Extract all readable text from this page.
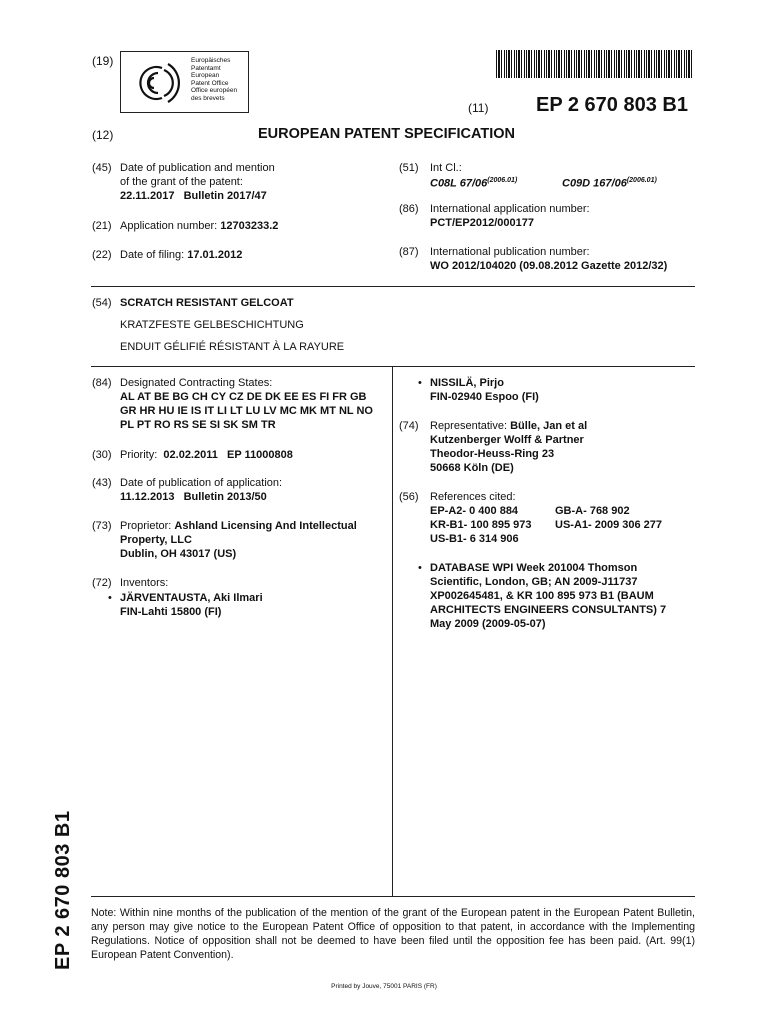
(19)	Europäisches
Patentamt
European
Patent Office
Office européen
des brevets
(11) EP 2 670 803 B1
(12)	EUROPEAN PATENT SPECIFICATION
(45) Date of publication and mention
of the grant of the patent:
22.11.2017   Bulletin 2017/47
(21) Application number: 12703233.2
(22) Date of filing: 17.01.2012
(51)	Int Cl.:
C08L $67/06^{(2006.01)}$	C09D $167/06^{(2006.01)}$
(86)	International application number:
PCT/EP2012/000177
(87)	International publication number:
WO 2012/104020 (09.08.2012 Gazette 2012/32)
(54) SCRATCH RESISTANT GELCOAT
KRATZFESTE GELBESCHICHTUNG
ENDUIT GÉLIFIÉ RÉSISTANT À LA RAYURE
(84) Designated Contracting States:
AL AT BE BG CH CY CZ DE DK EE ES FI FR GB
GR HR HU IE IS IT LI LT LU LV MC MK MT NL NO
PL PT RO RS SE SI SK SM TR
(30) Priority: 02.02.2011   EP 11000808
(43) Date of publication of application:
11.12.2013   Bulletin 2013/50
(73) Proprietor: Ashland Licensing And Intellectual
Property, LLC
Dublin, OH 43017 (US)
(72) Inventors:
• JÄRVENTAUSTA, Aki Ilmari
FIN-Lahti 15800 (FI)
• NISSILÄ, Pirjo
FIN-02940 Espoo (FI)
(74)	Representative: Bülle, Jan et al
Kutzenberger Wolff & Partner
Theodor-Heuss-Ring 23
50668 Köln (DE)
(56)	References cited:
EP-A2- 0 400 884	GB-A- 768 902
KR-B1- 100 895 973 US-A1- 2009 306 277
US-B1- 6 314 906
• DATABASE WPI Week 201004 Thomson
Scientific, London, GB; AN 2009-J11737
XP002645481, & KR 100 895 973 B1 (BAUM
ARCHITECTS ENGINEERS CONSULTANTS) 7
May 2009 (2009-05-07)
EP 2 670 803 B1 Note: Within nine months of the publication of the mention of the grant of the European patent in the European Patent Bulletin, any person may give notice to the European Patent Office of opposition to that patent, in accordance with the Implementing Regulations. Notice of opposition shall not be deemed to have been filed until the opposition fee has been paid. (Art. 99(1) European Patent Convention).
Printed by Jouve, 75001 PARIS (FR)
